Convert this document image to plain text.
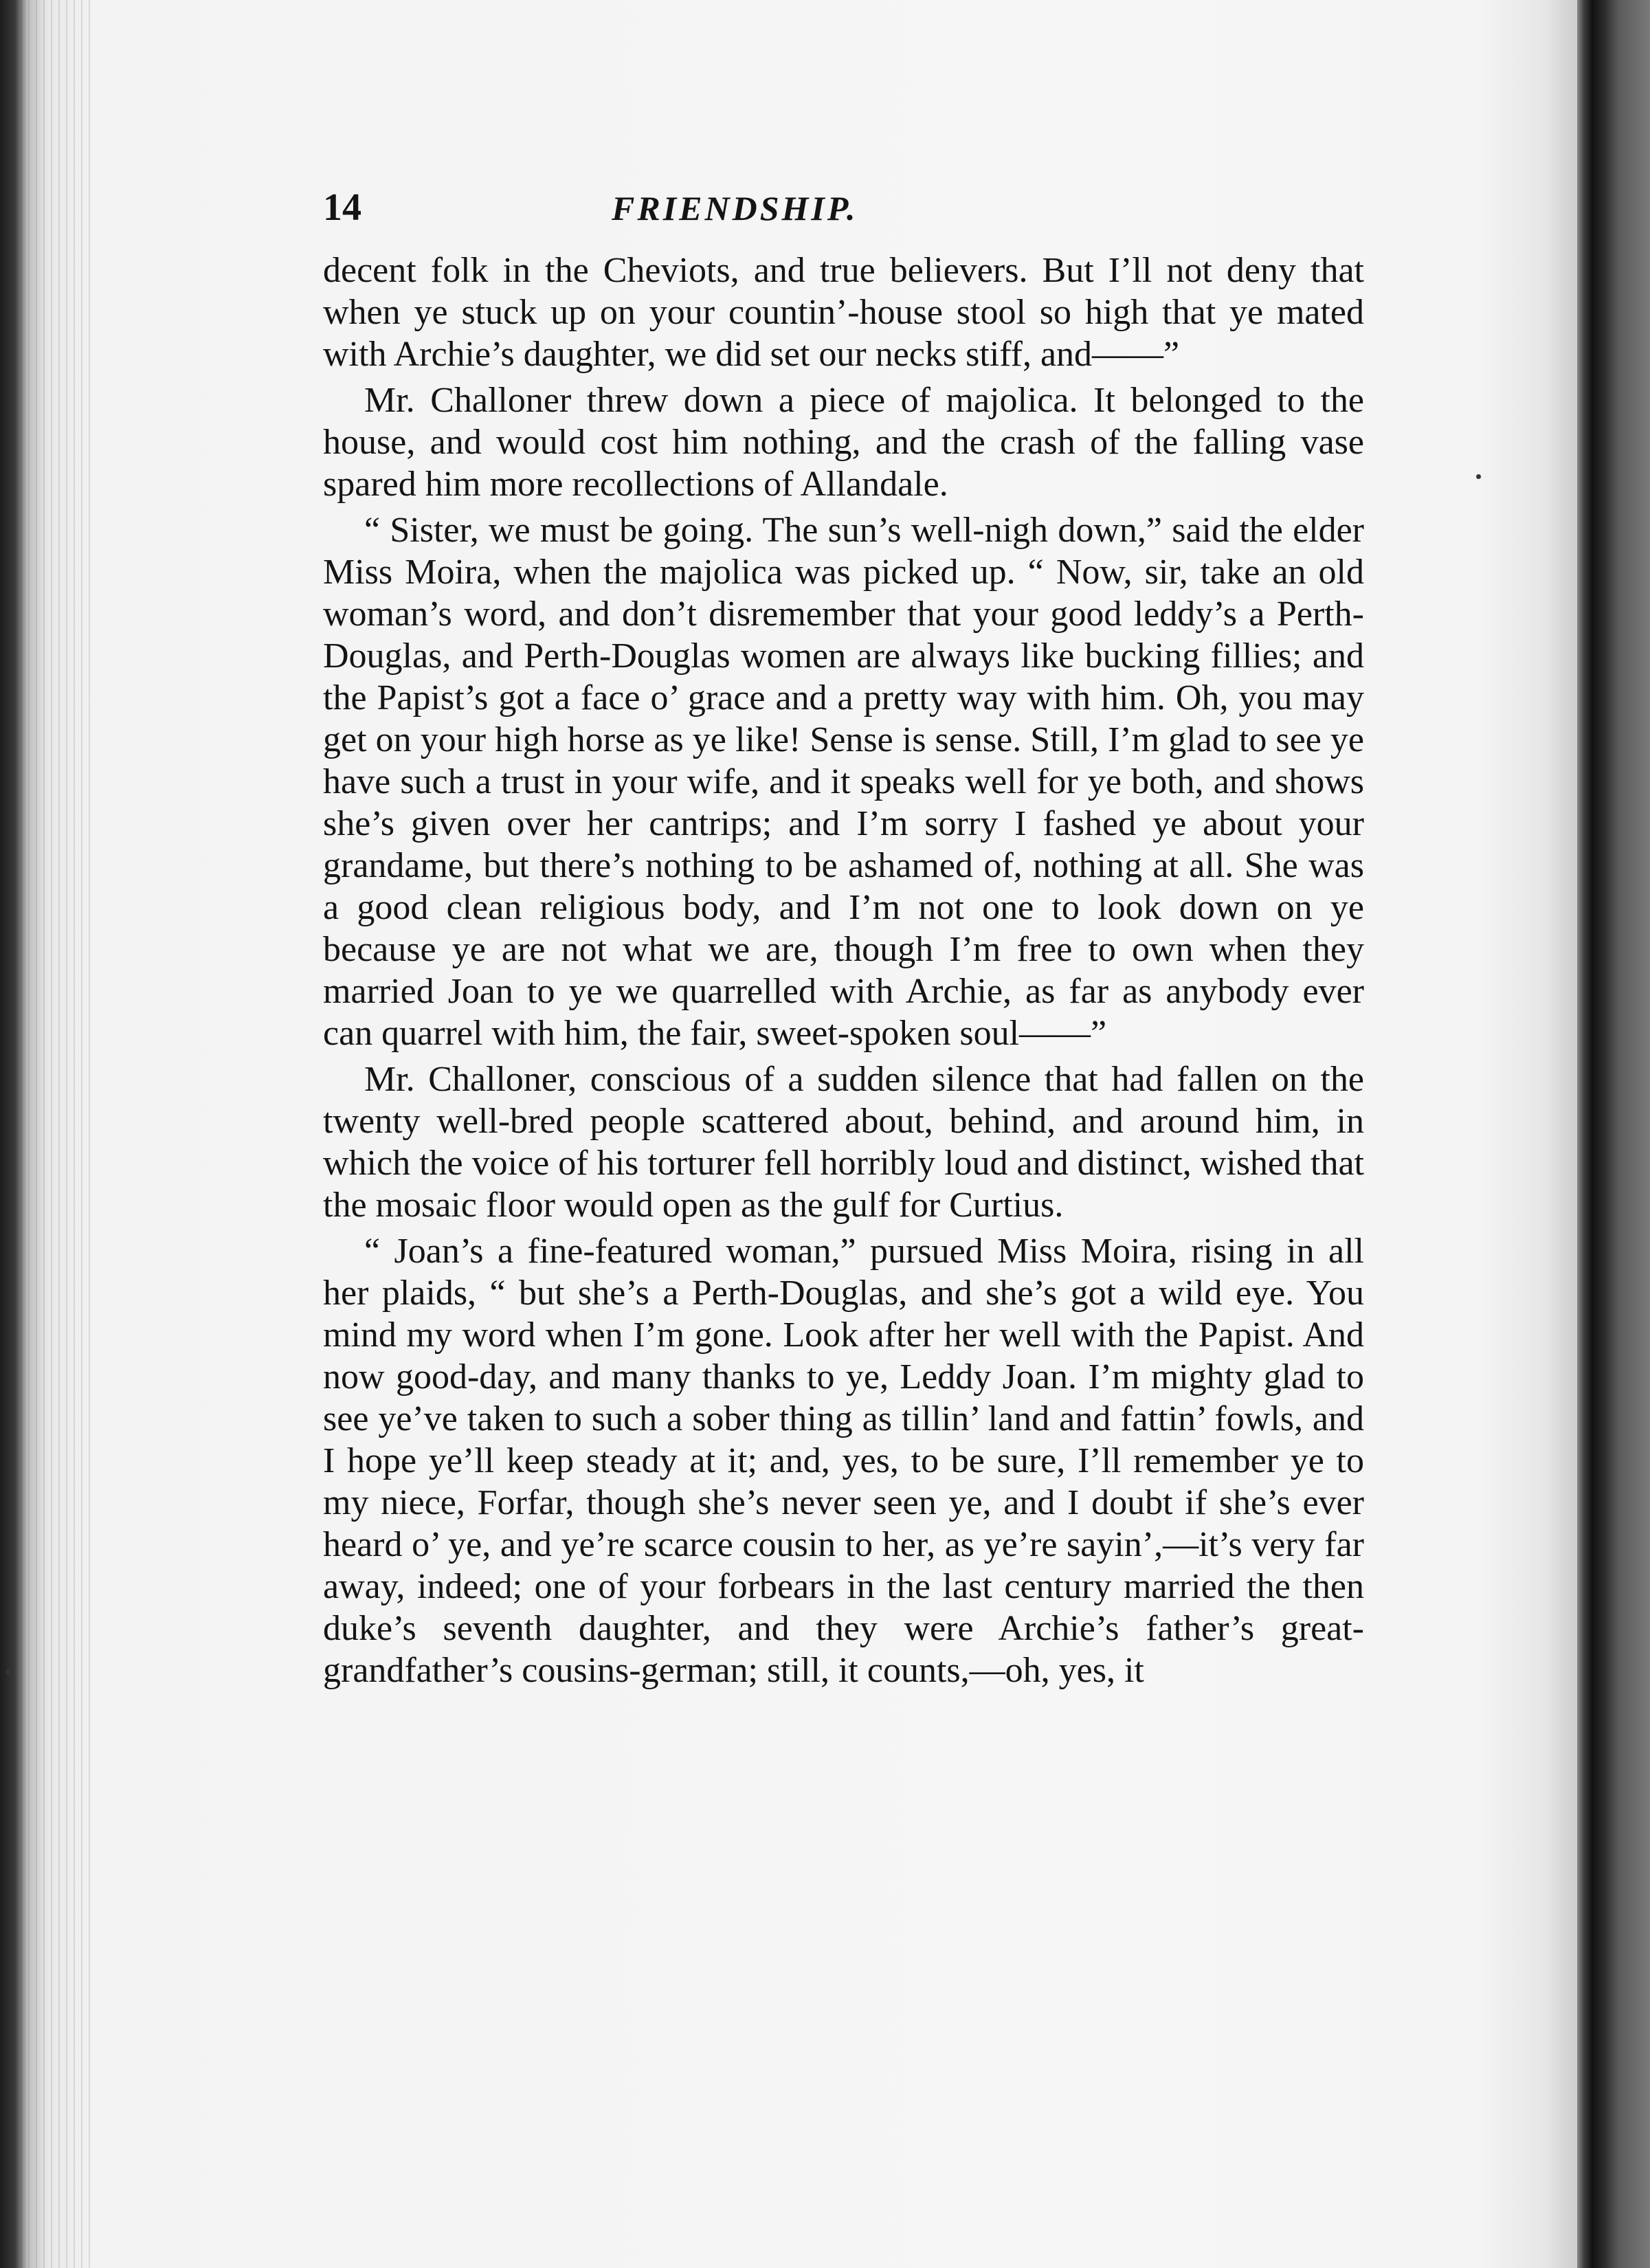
14	FRIENDSHIP.

decent folk in the Cheviots, and true believers. But I’ll not deny that when ye stuck up on your countin’-house stool so high that ye mated with Archie’s daughter, we did set our necks stiff, and——”

Mr. Challoner threw down a piece of majolica. It belonged to the house, and would cost him nothing, and the crash of the falling vase spared him more recollections of Allandale.

“ Sister, we must be going. The sun’s well-nigh down,” said the elder Miss Moira, when the majolica was picked up. “ Now, sir, take an old woman’s word, and don’t disremember that your good leddy’s a Perth-Douglas, and Perth-Douglas women are always like bucking fillies; and the Papist’s got a face o’ grace and a pretty way with him. Oh, you may get on your high horse as ye like! Sense is sense. Still, I’m glad to see ye have such a trust in your wife, and it speaks well for ye both, and shows she’s given over her cantrips; and I’m sorry I fashed ye about your grandame, but there’s nothing to be ashamed of, nothing at all. She was a good clean religious body, and I’m not one to look down on ye because ye are not what we are, though I’m free to own when they married Joan to ye we quarrelled with Archie, as far as anybody ever can quarrel with him, the fair, sweet-spoken soul——”

Mr. Challoner, conscious of a sudden silence that had fallen on the twenty well-bred people scattered about, behind, and around him, in which the voice of his torturer fell horribly loud and distinct, wished that the mosaic floor would open as the gulf for Curtius.

“ Joan’s a fine-featured woman,” pursued Miss Moira, rising in all her plaids, “ but she’s a Perth-Douglas, and she’s got a wild eye. You mind my word when I’m gone. Look after her well with the Papist. And now good-day, and many thanks to ye, Leddy Joan. I’m mighty glad to see ye’ve taken to such a sober thing as tillin’ land and fattin’ fowls, and I hope ye’ll keep steady at it; and, yes, to be sure, I’ll remember ye to my niece, Forfar, though she’s never seen ye, and I doubt if she’s ever heard o’ ye, and ye’re scarce cousin to her, as ye’re sayin’,—it’s very far away, indeed; one of your forbears in the last century married the then duke’s seventh daughter, and they were Archie’s father’s great-grandfather’s cousins-german; still, it counts,—oh, yes, it
